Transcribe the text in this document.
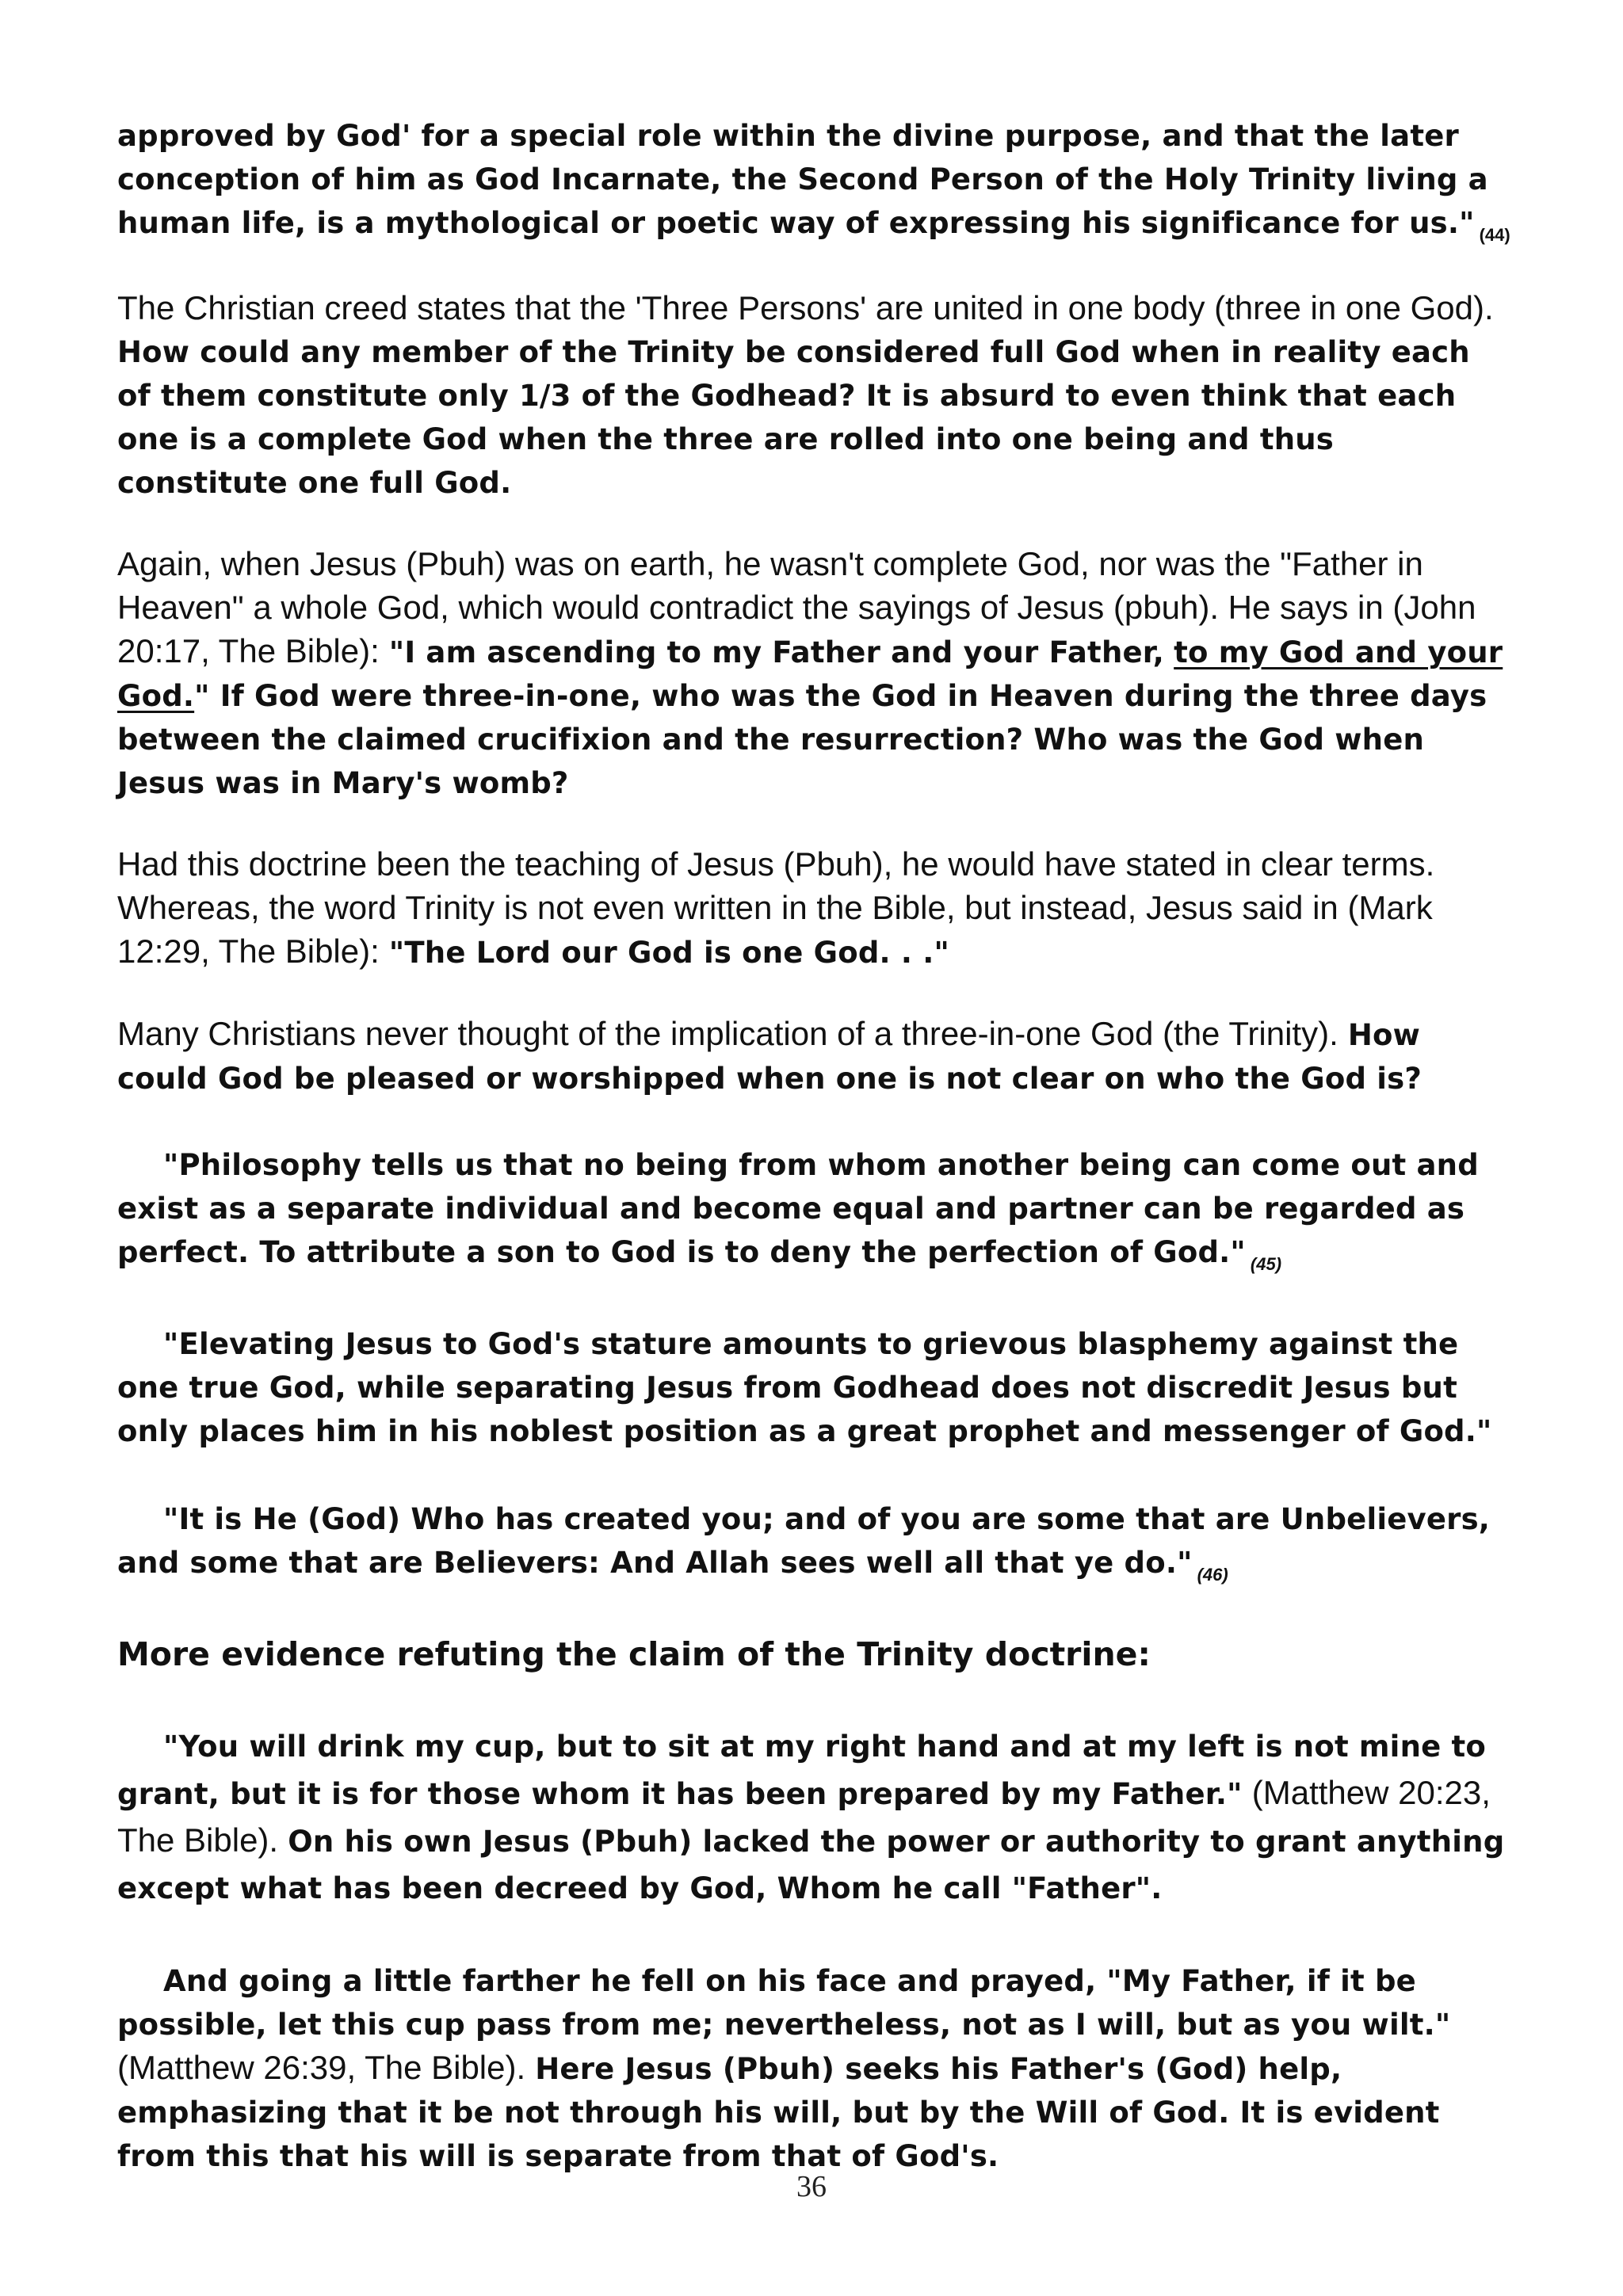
approved by God' for a special role within the divine purpose, and that the later conception of him as God Incarnate, the Second Person of the Holy Trinity living a human life, is a mythological or poetic way of expressing his significance for us." $_{(44)}$

The Christian creed states that the 'Three Persons' are united in one body (three in one God). How could any member of the Trinity be considered full God when in reality each of them constitute only 1/3 of the Godhead? It is absurd to even think that each one is a complete God when the three are rolled into one being and thus constitute one full God.

Again, when Jesus (Pbuh) was on earth, he wasn't complete God, nor was the "Father in Heaven" a whole God, which would contradict the sayings of Jesus (pbuh). He says in (John 20:17, The Bible): "I am ascending to my Father and your Father, to my God and your God." If God were three-in-one, who was the God in Heaven during the three days between the claimed crucifixion and the resurrection? Who was the God when Jesus was in Mary's womb?

Had this doctrine been the teaching of Jesus (Pbuh), he would have stated in clear terms. Whereas, the word Trinity is not even written in the Bible, but instead, Jesus said in (Mark 12:29, The Bible): "The Lord our God is one God. . ."

Many Christians never thought of the implication of a three-in-one God (the Trinity). How could God be pleased or worshipped when one is not clear on who the God is?

"Philosophy tells us that no being from whom another being can come out and exist as a separate individual and become equal and partner can be regarded as perfect. To attribute a son to God is to deny the perfection of God." $_{(45)}$

"Elevating Jesus to God's stature amounts to grievous blasphemy against the one true God, while separating Jesus from Godhead does not discredit Jesus but only places him in his noblest position as a great prophet and messenger of God."

"It is He (God) Who has created you; and of you are some that are Unbelievers, and some that are Believers: And Allah sees well all that ye do." $_{(46)}$

More evidence refuting the claim of the Trinity doctrine:

"You will drink my cup, but to sit at my right hand and at my left is not mine to grant, but it is for those whom it has been prepared by my Father." (Matthew 20:23, The Bible). On his own Jesus (Pbuh) lacked the power or authority to grant anything except what has been decreed by God, Whom he call "Father".

And going a little farther he fell on his face and prayed, "My Father, if it be possible, let this cup pass from me; nevertheless, not as I will, but as you wilt." (Matthew 26:39, The Bible). Here Jesus (Pbuh) seeks his Father's (God) help, emphasizing that it be not through his will, but by the Will of God. It is evident from this that his will is separate from that of God's.

36
